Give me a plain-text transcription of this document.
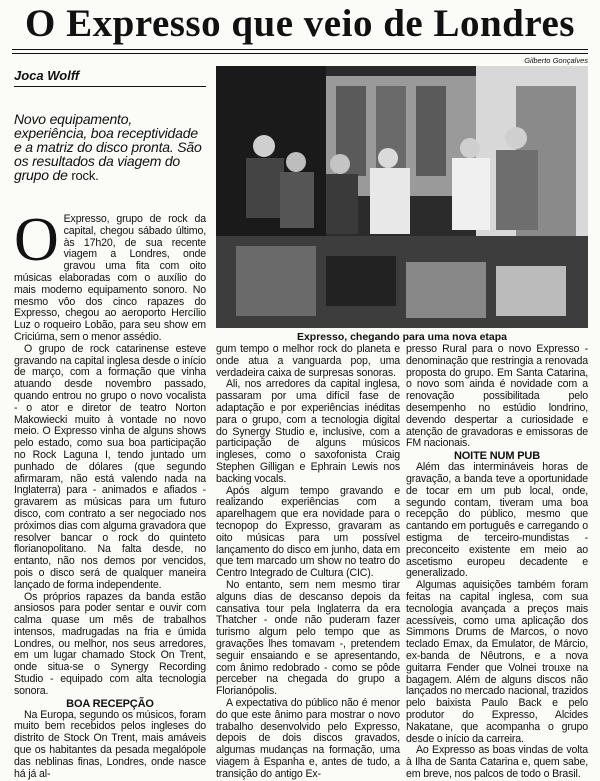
O Expresso que veio de Londres
Gilberto Gonçalves
Joca Wolff
Novo equipamento, experiência, boa receptividade e a matriz do disco pronta. São os resultados da viagem do grupo de rock.
Expresso, chegando para uma nova etapa

O Expresso, grupo de rock da capital, chegou sábado último, às 17h20, de sua recente viagem a Londres, onde gravou uma fita com oito músicas elaboradas com o auxílio do mais moderno equipamento sonoro. No mesmo vôo dos cinco rapazes do Expresso, chegou ao aeroporto Hercílio Luz o roqueiro Lobão, para seu show em Criciúma, sem o menor assédio.

O grupo de rock catarinense esteve gravando na capital inglesa desde o início de março, com a formação que vinha atuando desde novembro passado, quando entrou no grupo o novo vocalista - o ator e diretor de teatro Norton Makowiecki muito à vontade no novo meio. O Expresso vinha de alguns shows pelo estado, como sua boa participação no Rock Laguna I, tendo juntado um punhado de dólares (que segundo afirmaram, não está valendo nada na Inglaterra) para - animados e afiados - gravarem as músicas para um futuro disco, com contrato a ser negociado nos próximos dias com alguma gravadora que resolver bancar o rock do quinteto florianopolitano. Na falta desde, no entanto, não nos demos por vencidos, pois o disco será de qualquer maneira lançado de forma independente.

Os próprios rapazes da banda estão ansiosos para poder sentar e ouvir com calma quase um mês de trabalhos intensos, madrugadas na fria e úmida Londres, ou melhor, nos seus arredores, em um lugar chamado Stock On Trent, onde situa-se o Synergy Recording Studio - equipado com alta tecnologia sonora.

BOA RECEPÇÃO

Na Europa, segundo os músicos, foram muito bem recebidos pelos ingleses do distrito de Stock On Trent, mais amáveis que os habitantes da pesada megalópole das neblinas finas, Londres, onde nasce há já al-

gum tempo o melhor rock do planeta e onde atua a vanguarda pop, uma verdadeira caixa de surpresas sonoras.

Ali, nos arredores da capital inglesa, passaram por uma difícil fase de adaptação e por experiências inéditas para o grupo, com a tecnologia digital do Synergy Studio e, inclusive, com a participação de alguns músicos ingleses, como o saxofonista Craig Stephen Gilligan e Ephrain Lewis nos backing vocals.

Após algum tempo gravando e realizando experiências com a aparelhagem que era novidade para o tecnopop do Expresso, gravaram as oito músicas para um possível lançamento do disco em junho, data em que tem marcado um show no teatro do Centro Integrado de Cultura (CIC).

No entanto, sem nem mesmo tirar alguns dias de descanso depois da cansativa tour pela Inglaterra da era Thatcher - onde não puderam fazer turismo algum pelo tempo que as gravações lhes tomavam -, pretendem seguir ensaiando e se apresentando, com ânimo redobrado - como se pôde perceber na chegada do grupo a Florianópolis.

A expectativa do público não é menor do que este ânimo para mostrar o novo trabalho desenvolvido pelo Expresso, depois de dois discos gravados, algumas mudanças na formação, uma viagem à Espanha e, antes de tudo, a transição do antigo Ex-

presso Rural para o novo Expresso - denominação que restringia a renovada proposta do grupo. Em Santa Catarina, o novo som ainda é novidade com a renovação possibilitada pelo desempenho no estúdio londrino, devendo despertar a curiosidade e atenção de gravadoras e emissoras de FM nacionais.

NOITE NUM PUB

Além das intermináveis horas de gravação, a banda teve a oportunidade de tocar em um pub local, onde, segundo contam, tiveram uma boa recepção do público, mesmo que cantando em português e carregando o estigma de terceiro-mundistas - preconceito existente em meio ao ascetismo europeu decadente e generalizado.

Algumas aquisições também foram feitas na capital inglesa, com sua tecnologia avançada a preços mais acessíveis, como uma aplicação dos Simmons Drums de Marcos, o novo teclado Emax, da Emulator, de Márcio, ex-banda de Nêutrons, e a nova guitarra Fender que Volnei trouxe na bagagem. Além de alguns discos não lançados no mercado nacional, trazidos pelo baixista Paulo Back e pelo produtor do Expresso, Alcides Nakatane, que acompanha o grupo desde o início da carreira.

Ao Expresso as boas vindas de volta à Ilha de Santa Catarina e, quem sabe, em breve, nos palcos de todo o Brasil.
